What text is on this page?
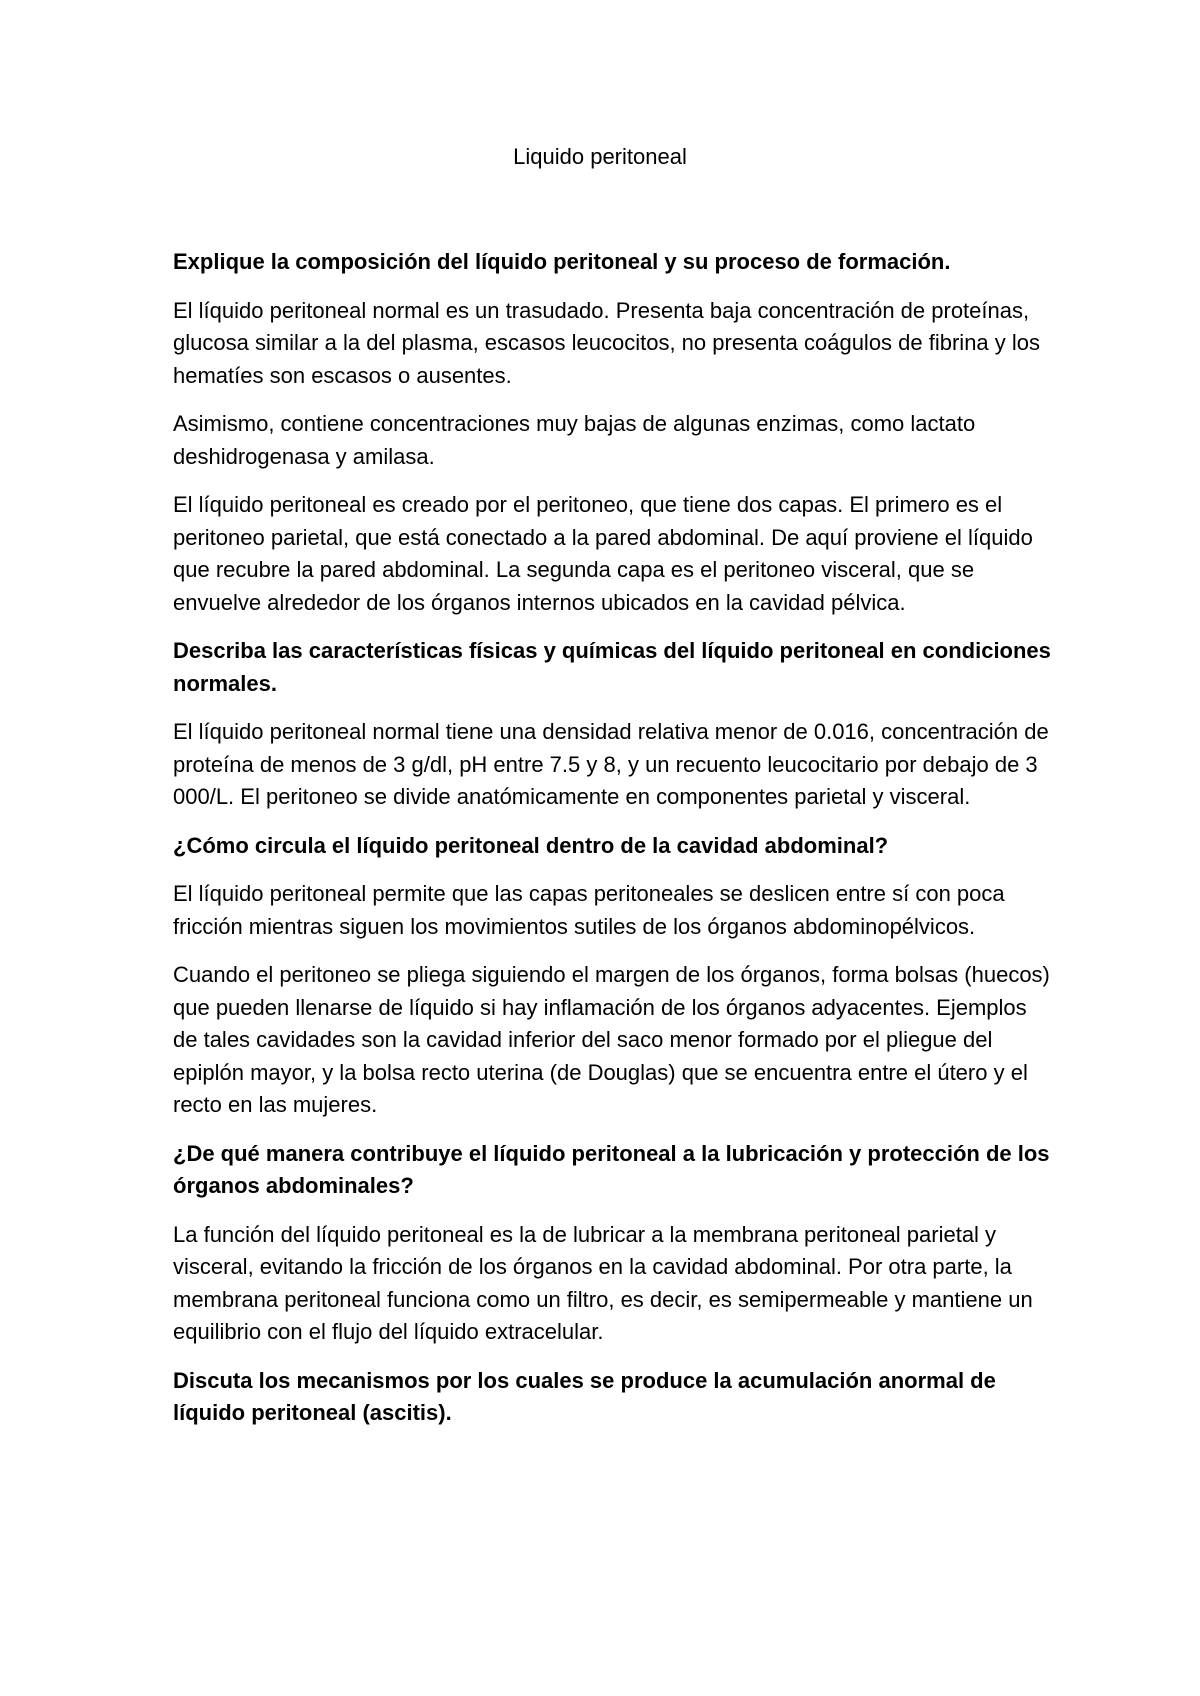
Liquido peritoneal

Explique la composición del líquido peritoneal y su proceso de formación.

El líquido peritoneal normal es un trasudado. Presenta baja concentración de proteínas, glucosa similar a la del plasma, escasos leucocitos, no presenta coágulos de fibrina y los hematíes son escasos o ausentes.

Asimismo, contiene concentraciones muy bajas de algunas enzimas, como lactato deshidrogenasa y amilasa.

El líquido peritoneal es creado por el peritoneo, que tiene dos capas. El primero es el peritoneo parietal, que está conectado a la pared abdominal. De aquí proviene el líquido que recubre la pared abdominal. La segunda capa es el peritoneo visceral, que se envuelve alrededor de los órganos internos ubicados en la cavidad pélvica.

Describa las características físicas y químicas del líquido peritoneal en condiciones normales.

El líquido peritoneal normal tiene una densidad relativa menor de 0.016, concentración de proteína de menos de 3 g/dl, pH entre 7.5 y 8, y un recuento leucocitario por debajo de 3 000/L. El peritoneo se divide anatómicamente en componentes parietal y visceral.

¿Cómo circula el líquido peritoneal dentro de la cavidad abdominal?

El líquido peritoneal permite que las capas peritoneales se deslicen entre sí con poca fricción mientras siguen los movimientos sutiles de los órganos abdominopélvicos.

Cuando el peritoneo se pliega siguiendo el margen de los órganos, forma bolsas (huecos) que pueden llenarse de líquido si hay inflamación de los órganos adyacentes. Ejemplos de tales cavidades son la cavidad inferior del saco menor formado por el pliegue del epiplón mayor, y la bolsa recto uterina (de Douglas) que se encuentra entre el útero y el recto en las mujeres.

¿De qué manera contribuye el líquido peritoneal a la lubricación y protección de los órganos abdominales?

La función del líquido peritoneal es la de lubricar a la membrana peritoneal parietal y visceral, evitando la fricción de los órganos en la cavidad abdominal. Por otra parte, la membrana peritoneal funciona como un filtro, es decir, es semipermeable y mantiene un equilibrio con el flujo del líquido extracelular.

Discuta los mecanismos por los cuales se produce la acumulación anormal de líquido peritoneal (ascitis).
